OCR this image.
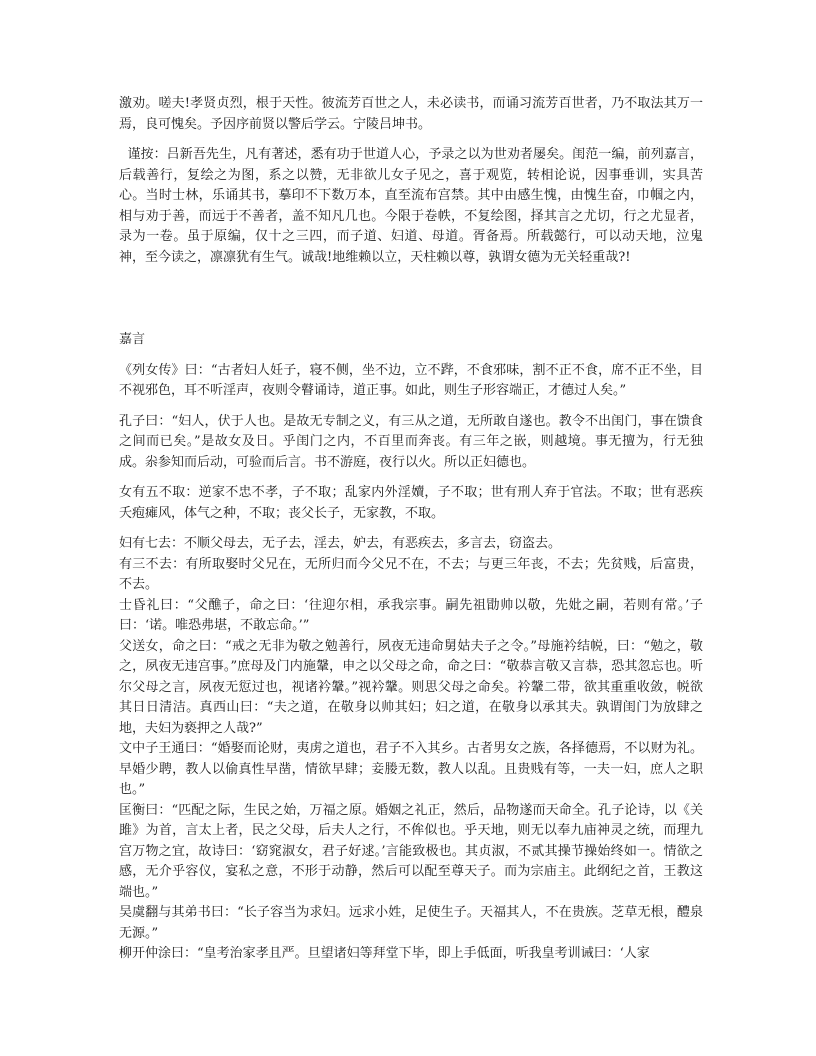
激劝。嗟夫!孝贤贞烈，根于天性。彼流芳百世之人，未必读书，而诵习流芳百世者，乃不取法其万一焉，良可愧矣。予因序前贤以警后学云。宁陵吕坤书。

谨按：吕新吾先生，凡有著述，悉有功于世道人心，予录之以为世劝者屡矣。闺范一编，前列嘉言，后载善行，复绘之为图，系之以赞，无非欲儿女子见之，喜于观览，转相论说，因事垂训，实具苦心。当时士林，乐诵其书，摹印不下数万本，直至流布宫禁。其中由感生愧，由愧生奋，巾帼之内，相与劝于善，而远于不善者，盖不知凡几也。今限于卷帙，不复绘图，择其言之尤切，行之尤显者，录为一卷。虽于原编，仅十之三四，而子道、妇道、母道。胥备焉。所载懿行，可以动天地，泣鬼神，至今读之，凛凛犹有生气。诚哉!地维赖以立，天柱赖以尊，孰谓女德为无关轻重哉?!

嘉言

《列女传》曰：“古者妇人妊子，寝不侧，坐不边，立不跸，不食邪味，割不正不食，席不正不坐，目不视邪色，耳不听淫声，夜则令瞽诵诗，道正事。如此，则生子形容端正，才德过人矣。”

孔子曰：“妇人，伏于人也。是故无专制之义，有三从之道，无所敢自遂也。教令不出闺门，事在馈食之间而已矣。”是故女及日。乎闺门之内，不百里而奔丧。有三年之嵌，则越境。事无擅为，行无独成。尜参知而后动，可验而后言。书不游庭，夜行以火。所以正妇德也。

女有五不取：逆家不忠不孝，子不取；乱家内外淫嬻，子不取；世有刑人弃于官法。不取；世有恶疾夭疱瘫风，体气之种，不取；丧父长子，无家教，不取。

妇有七去：不顺父母去，无子去，淫去，妒去，有恶疾去，多言去，窃盗去。

有三不去：有所取娶时父兄在，无所归而今父兄不在，不去；与更三年丧，不去；先贫贱，后富贵，不去。

士昏礼曰：“父醮子，命之曰：‘往迎尔相，承我宗事。嗣先祖勖帅以敬，先妣之嗣，若则有常。’子曰：‘诺。唯恐弗堪，不敢忘命。’”

父送女，命之曰：“戒之无非为敬之勉善行，夙夜无违命舅姑夫子之令。”母施衿结帨，曰：“勉之，敬之，夙夜无违宫事。”庶母及门内施鞶，申之以父母之命，命之曰：“敬恭言敬又言恭，恐其忽忘也。听尔父母之言，夙夜无愆过也，视诸衿鞶。”视衿鞶。则思父母之命矣。衿鞶二带，欲其重重收敛，帨欲其日日清洁。真西山曰：“夫之道，在敬身以帅其妇；妇之道，在敬身以承其夫。孰谓闺门为放肆之地，夫妇为亵押之人哉?”

文中子王通曰：“婚娶而论财，夷虏之道也，君子不入其乡。古者男女之族，各择德焉，不以财为礼。早婚少聘，教人以偷真性早凿，情欲早肆；妾媵无数，教人以乱。且贵贱有等，一夫一妇，庶人之职也。”

匡衡曰：“匹配之际，生民之始，万福之原。婚姻之礼正，然后，品物遂而天命全。孔子论诗，以《关雎》为首，言太上者，民之父母，后夫人之行，不侔似也。乎天地，则无以奉九庙神灵之统，而理九宫万物之宜，故诗曰：‘窈窕淑女，君子好逑。’言能致极也。其贞淑，不贰其操节操始终如一。情欲之感，无介乎容仪，宴私之意，不形于动静，然后可以配至尊天子。而为宗庙主。此纲纪之首，王教这端也。”

吴虞翻与其弟书曰：“长子容当为求妇。远求小姓，足使生子。天福其人，不在贵族。芝草无根，醴泉无源。”

柳开仲涂曰：“皇考治家孝且严。旦望诸妇等拜堂下毕，即上手低面，听我皇考训诫曰：‘人家
